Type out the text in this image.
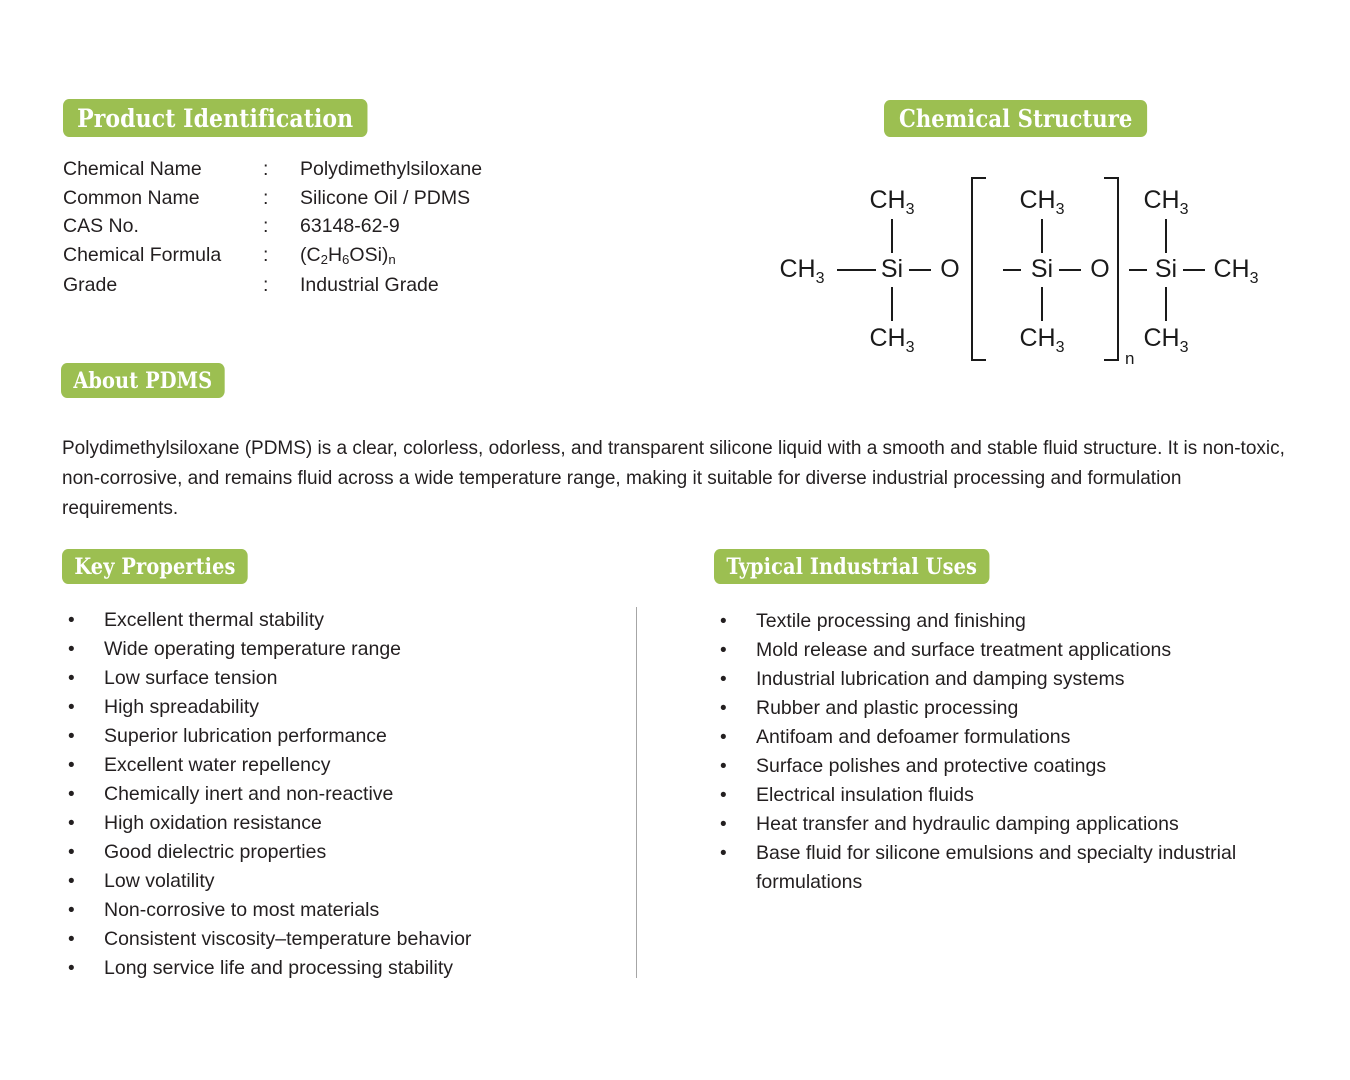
Product Identification
Chemical Name	:	Polydimethylsiloxane
Common Name	:	Silicone Oil / PDMS
CAS No.	:	63148-62-9
Chemical Formula	:	$(C_2H_6OSi)_n$
Grade	:	Industrial Grade
Chemical Structure
$CH_3$ Si
$CH_3$
$CH_3$
O	Si
$CH_3$
$CH_3$
O Si
$CH_3$
$CH_3$
$CH_3$
n
About PDMS

Polydimethylsiloxane (PDMS) is a clear, colorless, odorless, and transparent silicone liquid with a smooth and stable fluid structure. It is non-toxic, non-corrosive, and remains fluid across a wide temperature range, making it suitable for diverse industrial processing and formulation requirements.

Key Properties
• Excellent thermal stability
• Wide operating temperature range
• Low surface tension
• High spreadability
• Superior lubrication performance
• Excellent water repellency
• Chemically inert and non-reactive
• High oxidation resistance
• Good dielectric properties
• Low volatility
• Non-corrosive to most materials
• Consistent viscosity–temperature behavior
• Long service life and processing stability
Typical Industrial Uses
• Textile processing and finishing
• Mold release and surface treatment applications
• Industrial lubrication and damping systems
• Rubber and plastic processing
• Antifoam and defoamer formulations
• Surface polishes and protective coatings
• Electrical insulation fluids
• Heat transfer and hydraulic damping applications
• Base fluid for silicone emulsions and specialty industrial formulations
